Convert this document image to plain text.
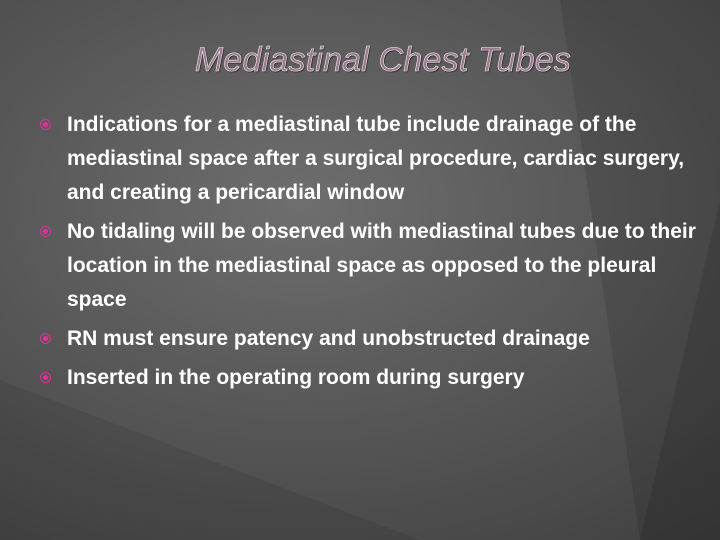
Mediastinal Chest Tubes
Indications for a mediastinal tube include drainage of the mediastinal space after a surgical procedure, cardiac surgery, and creating a pericardial window
No tidaling will be observed with mediastinal tubes due to their location in the mediastinal space as opposed to the pleural space
RN must ensure patency and unobstructed drainage
Inserted in the operating room during surgery
